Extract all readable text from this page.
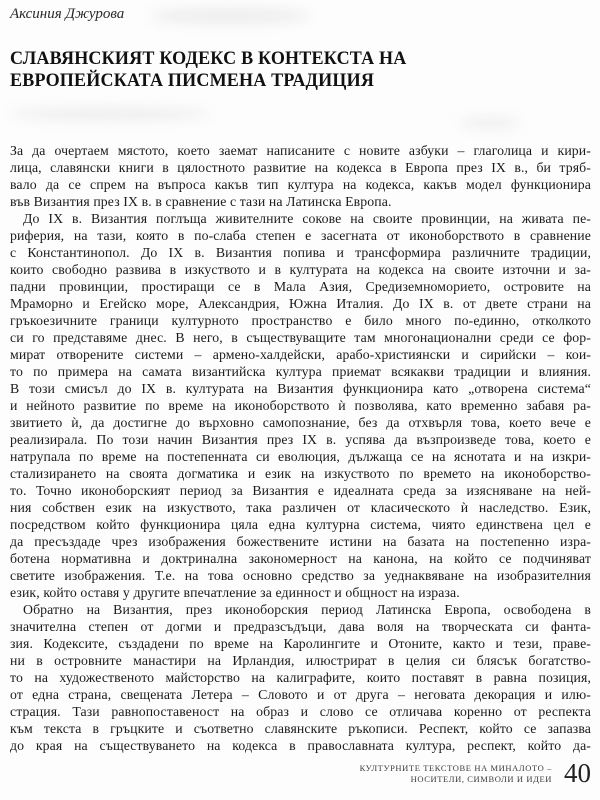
Аксиния Джурова
СЛАВЯНСКИЯТ КОДЕКС В КОНТЕКСТА НА
ЕВРОПЕЙСКАТА ПИСМЕНА ТРАДИЦИЯ
За да очертаем мястото, което заемат написаните с новите азбуки – глаголица и кири-
лица, славянски книги в цялостното развитие на кодекса в Европа през IX в., би тряб-
вало да се спрем на въпроса какъв тип култура на кодекса, какъв модел функционира
във Византия през IX в. в сравнение с тази на Латинска Европа.
До IX в. Византия поглъща живителните сокове на своите провинции, на живата пе-
риферия, на тази, която в по-слаба степен е засегната от иконоборството в сравнение
с Константинопол. До IX в. Византия попива и трансформира различните традиции,
които свободно развива в изкуството и в културата на кодекса на своите източни и за-
падни провинции, простиращи се в Мала Азия, Средиземноморието, островите на
Мраморно и Егейско море, Александрия, Южна Италия. До IX в. от двете страни на
гръкоезичните граници културното пространство е било много по-единно, отколкото
си го представяме днес. В него, в съществуващите там многонационални среди се фор-
мират отворените системи – армено-халдейски, арабо-християнски и сирийски – кои-
то по примера на самата византийска култура приемат всякакви традиции и влияния.
В този смисъл до IX в. културата на Византия функционира като „отворена система“
и нейното развитие по време на иконоборството ѝ позволява, като временно забавя ра-
звитието ѝ, да достигне до върховно самопознание, без да отхвърля това, което вече е
реализирала. По този начин Византия през IX в. успява да възпроизведе това, което е
натрупала по време на постепенната си еволюция, дължаща се на яснотата и на изкри-
стализирането на своята догматика и език на изкуството по времето на иконоборство-
то. Точно иконоборският период за Византия е идеалната среда за изясняване на ней-
ния собствен език на изкуството, така различен от класическото ѝ наследство. Език,
посредством който функционира цяла една културна система, чиято единствена цел е
да пресъздаде чрез изображения божествените истини на базата на постепенно изра-
ботена нормативна и доктринална закономерност на канона, на който се подчиняват
светите изображения. Т.е. на това основно средство за уеднаквяване на изобразителния
език, който оставя у другите впечатление за единност и общност на израза.
Обратно на Византия, през иконоборския период Латинска Европа, освободена в
значителна степен от догми и предразсъдъци, дава воля на творческата си фанта-
зия. Кодексите, създадени по време на Каролингите и Отоните, както и тези, праве-
ни в островните манастири на Ирландия, илюстрират в целия си блясък богатство-
то на художественото майсторство на калиграфите, които поставят в равна позиция,
от една страна, свещената Летера – Словото и от друга – неговата декорация и илю-
страция. Тази равнопоставеност на образ и слово се отличава коренно от респекта
към текста в гръцките и съответно славянските ръкописи. Респект, който се запазва
до края на съществуването на кодекса в православната култура, респект, който да-
КУЛТУРНИТЕ ТЕКСТОВЕ НА МИНАЛОТО –
НОСИТЕЛИ, СИМВОЛИ И ИДЕИ 40
